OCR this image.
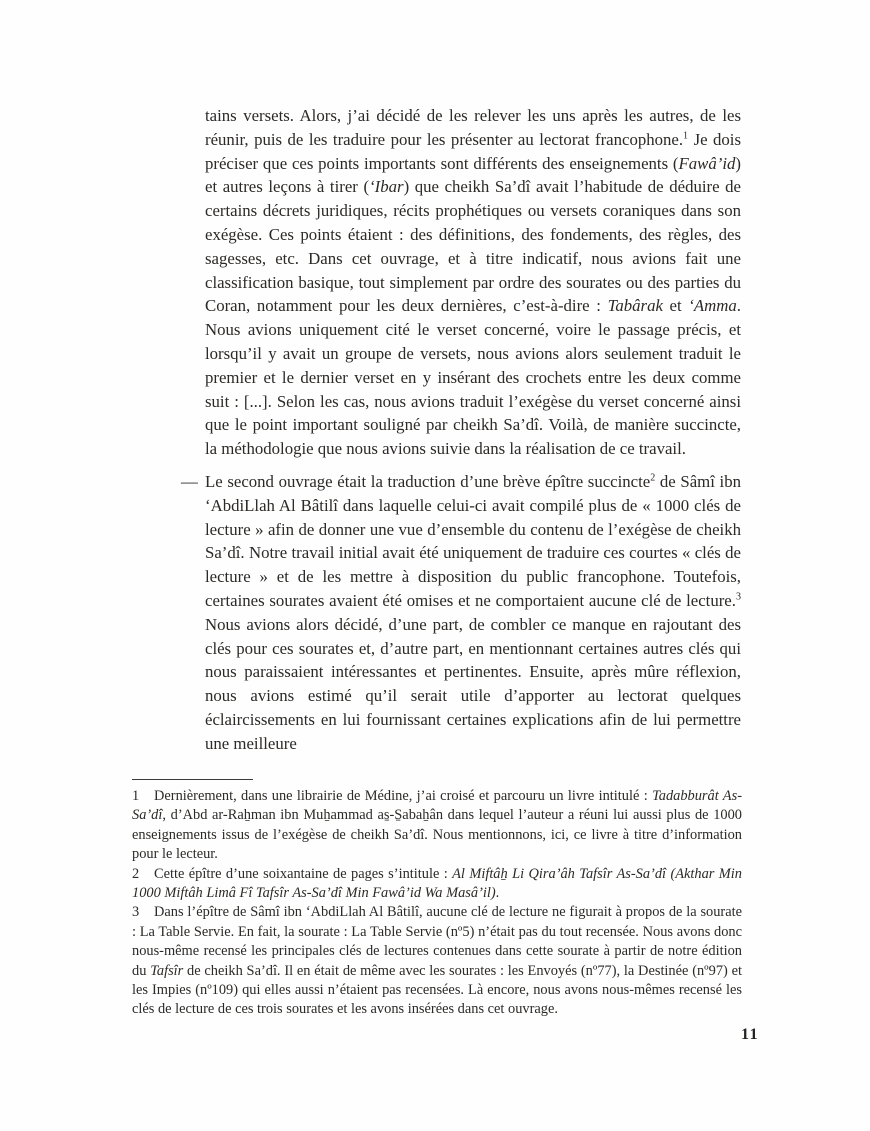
tains versets. Alors, j’ai décidé de les relever les uns après les autres, de les réunir, puis de les traduire pour les présenter au lectorat francophone.$^1$ Je dois préciser que ces points importants sont différents des enseignements (Fawâ’id) et autres leçons à tirer (‘Ibar) que cheikh Sa’dî avait l’habitude de déduire de certains décrets juridiques, récits prophétiques ou versets coraniques dans son exégèse. Ces points étaient : des définitions, des fondements, des règles, des sagesses, etc. Dans cet ouvrage, et à titre indicatif, nous avions fait une classification basique, tout simplement par ordre des sourates ou des parties du Coran, notamment pour les deux dernières, c’est-à-dire : Tabârak et ‘Amma. Nous avions uniquement cité le verset concerné, voire le passage précis, et lorsqu’il y avait un groupe de versets, nous avions alors seulement traduit le premier et le dernier verset en y insérant des crochets entre les deux comme suit : [...]. Selon les cas, nous avions traduit l’exégèse du verset concerné ainsi que le point important souligné par cheikh Sa’dî. Voilà, de manière succincte, la méthodologie que nous avions suivie dans la réalisation de ce travail.

— Le second ouvrage était la traduction d’une brève épître succincte$^2$ de Sâmî ibn ‘AbdiLlah Al Bâtilî dans laquelle celui-ci avait compilé plus de « 1000 clés de lecture » afin de donner une vue d’ensemble du contenu de l’exégèse de cheikh Sa’dî. Notre travail initial avait été uniquement de traduire ces courtes « clés de lecture » et de les mettre à disposition du public francophone. Toutefois, certaines sourates avaient été omises et ne comportaient aucune clé de lecture.$^3$ Nous avions alors décidé, d’une part, de combler ce manque en rajoutant des clés pour ces sourates et, d’autre part, en mentionnant certaines autres clés qui nous paraissaient intéressantes et pertinentes. Ensuite, après mûre réflexion, nous avions estimé qu’il serait utile d’apporter au lectorat quelques éclaircissements en lui fournissant certaines explications afin de lui permettre une meilleure

1 Dernièrement, dans une librairie de Médine, j’ai croisé et parcouru un livre intitulé : Tadabburât As-Sa’dî, d’Abd ar-Raẖman ibn Muẖammad as̱-S̱abaẖân dans lequel l’auteur a réuni lui aussi plus de 1000 enseignements issus de l’exégèse de cheikh Sa’dî. Nous mentionnons, ici, ce livre à titre d’information pour le lecteur.

2 Cette épître d’une soixantaine de pages s’intitule : Al Miftâẖ Li Qira’âh Tafsîr As-Sa’dî (Akthar Min 1000 Miftâh Limâ Fî Tafsîr As-Sa’dî Min Fawâ’id Wa Masâ’il).

3 Dans l’épître de Sâmî ibn ‘AbdiLlah Al Bâtilî, aucune clé de lecture ne figurait à propos de la sourate : La Table Servie. En fait, la sourate : La Table Servie (nº5) n’était pas du tout recensée. Nous avons donc nous-même recensé les principales clés de lectures contenues dans cette sourate à partir de notre édition du Tafsîr de cheikh Sa’dî. Il en était de même avec les sourates : les Envoyés (nº77), la Destinée (nº97) et les Impies (nº109) qui elles aussi n’étaient pas recensées. Là encore, nous avons nous-mêmes recensé les clés de lecture de ces trois sourates et les avons insérées dans cet ouvrage.

11
